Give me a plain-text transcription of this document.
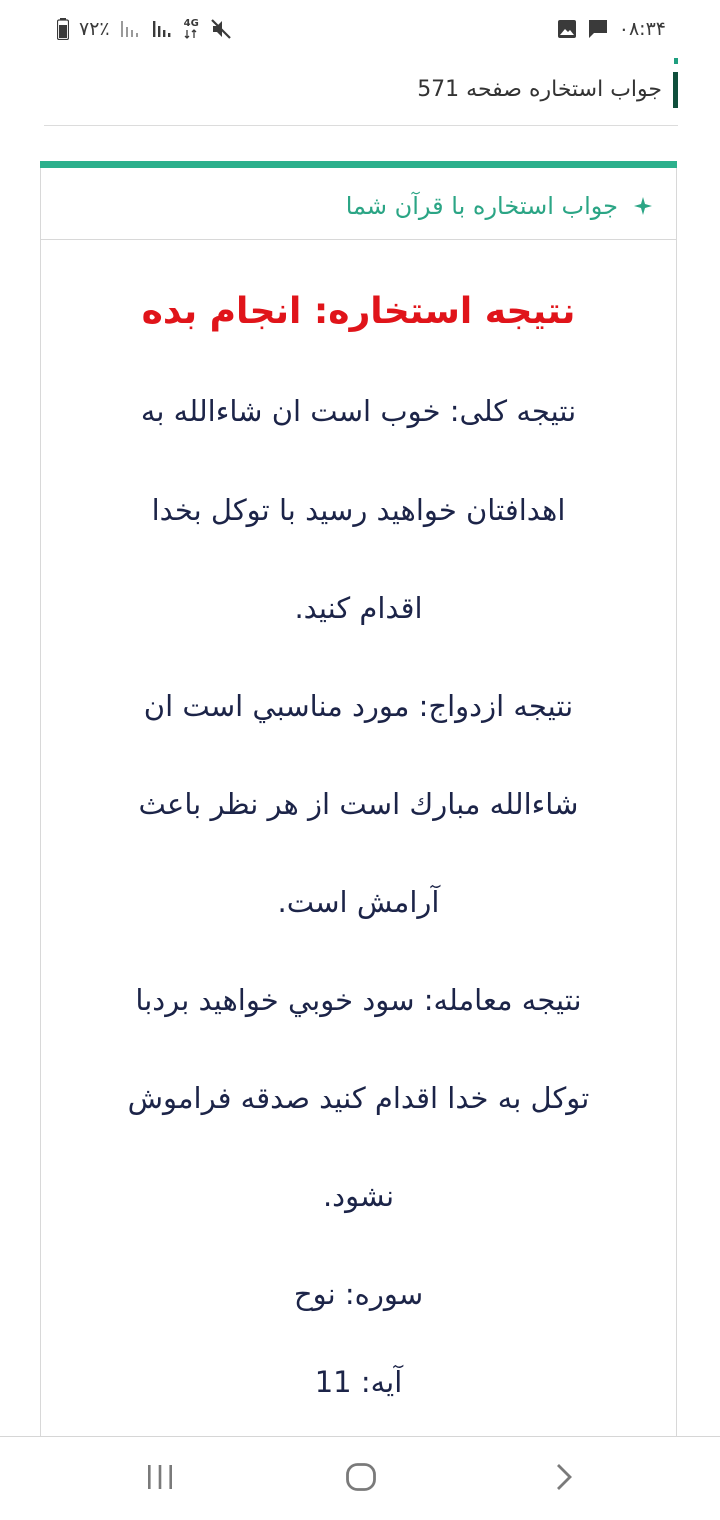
۷۲٪	4G	۰۸:۳۴
جواب استخاره صفحه 571
جواب استخاره با قرآن شما
نتیجه استخاره: انجام بده
نتیجه کلی: خوب است ان شاءالله به
اهدافتان خواهید رسید با توکل بخدا
اقدام کنید.
نتیجه ازدواج: مورد مناسبي است ان
شاءالله مبارك است از هر نظر باعث
آرامش است.
نتیجه معامله: سود خوبي خواهيد بردبا
توكل به خدا اقدام کنید صدقه فراموش
نشود.
سوره: نوح
آیه: 11
